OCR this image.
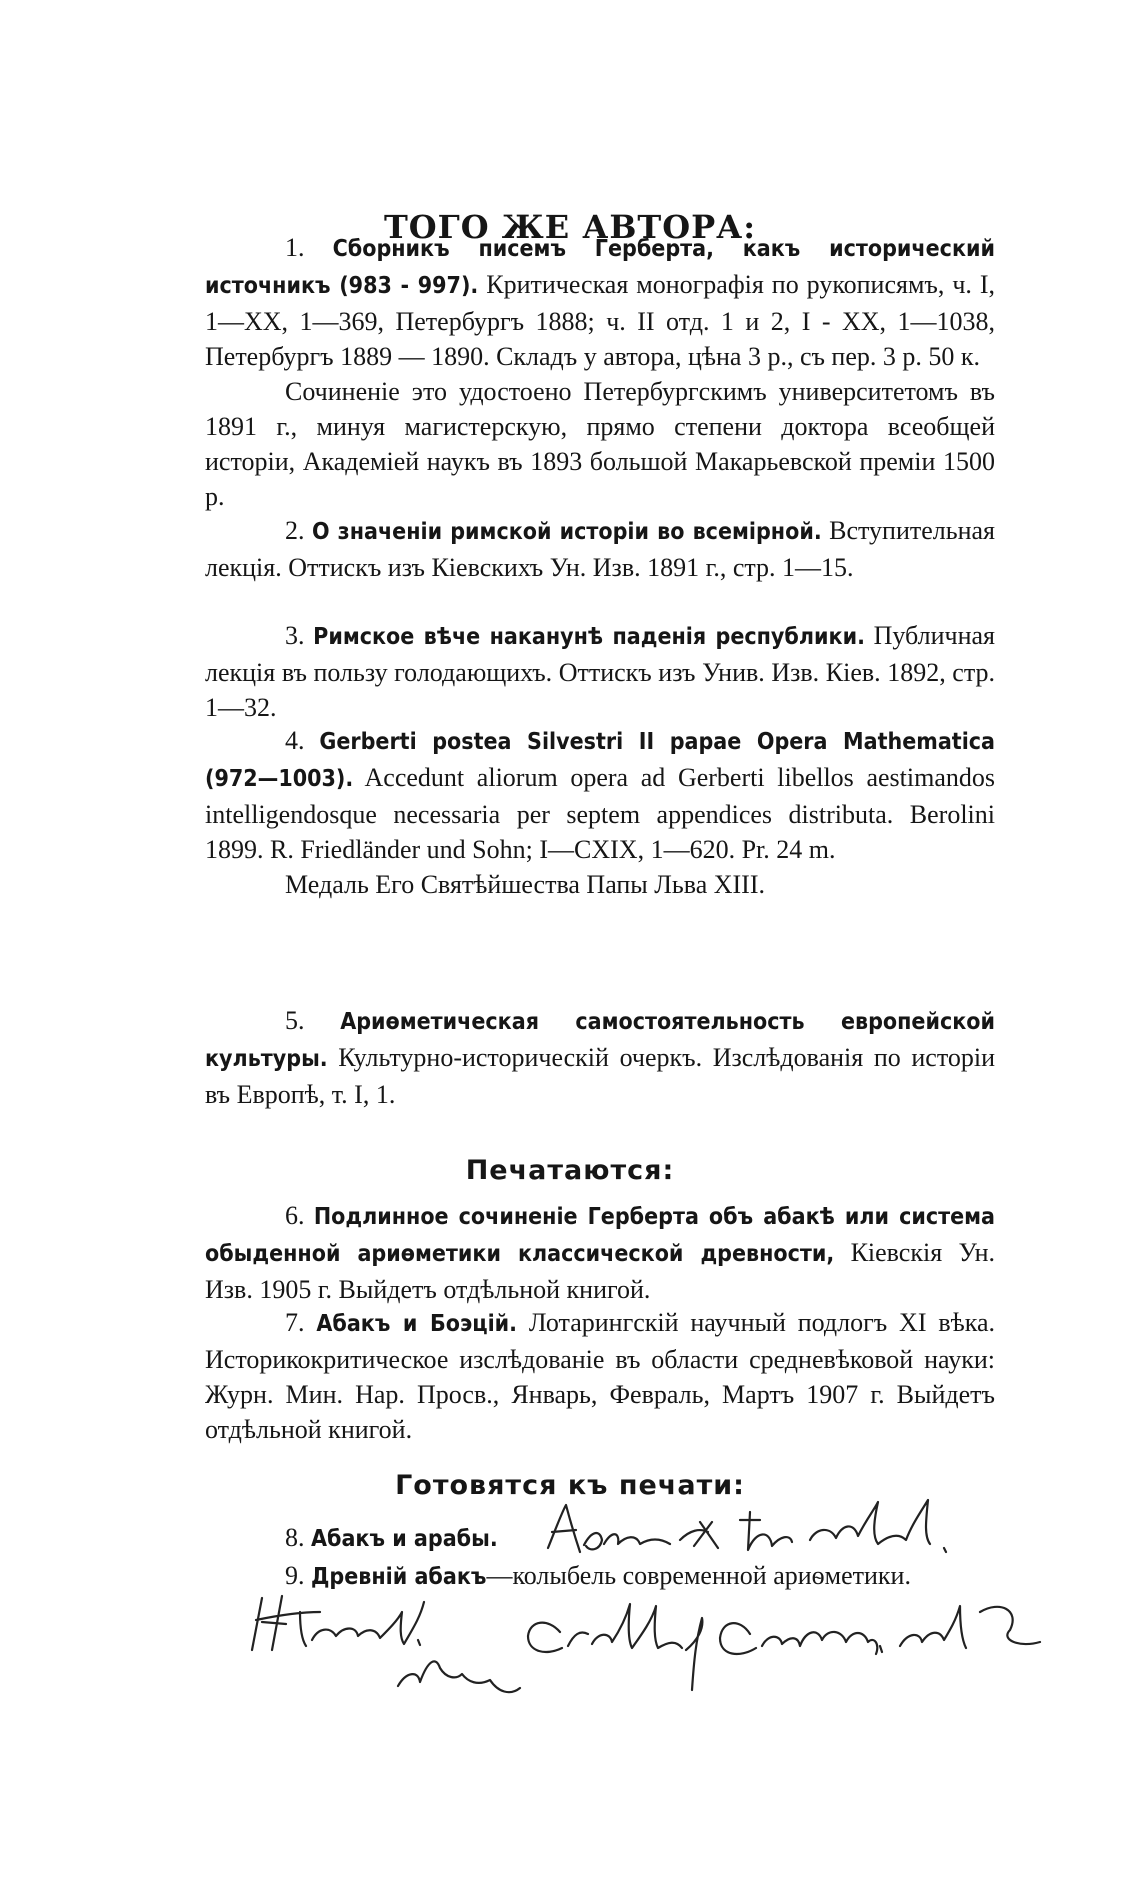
ТОГО ЖЕ АВТОРА:

1. Сборникъ писемъ Герберта, какъ исторический источникъ (983 - 997). Критическая монографія по рукописямъ, ч. I, 1—XX, 1—369, Петербургъ 1888; ч. II отд. 1 и 2, I - XX, 1—1038, Петербургъ 1889 — 1890. Складъ у автора, цѣна 3 р., съ пер. 3 р. 50 к.

Сочиненіе это удостоено Петербургскимъ университетомъ въ 1891 г., минуя магистерскую, прямо степени доктора всеобщей исторіи, Академіей наукъ въ 1893 большой Макарьевской преміи 1500 р.

2. О значеніи римской исторіи во всемірной. Вступительная лекція. Оттискъ изъ Кіевскихъ Ун. Изв. 1891 г., стр. 1—15.

3. Римское вѣче наканунѣ паденія республики. Публичная лекція въ пользу голодающихъ. Оттискъ изъ Унив. Изв. Кіев. 1892, стр. 1—32.

4. Gerberti postea Silvestri II papae Opera Mathematica (972—1003). Accedunt aliorum opera ad Gerberti libellos aestimandos intelligendosque necessaria per septem appendices distributa. Berolini 1899. R. Friedländer und Sohn; I—CXIX, 1—620. Pr. 24 m.

Медаль Его Святѣйшества Папы Льва XIII.

5. Ариѳметическая самостоятельность европейской культуры. Культурно-историческій очеркъ. Изслѣдованія по исторіи въ Европѣ, т. I, 1.

6. Подлинное сочиненіе Герберта объ абакѣ или система обыденной ариѳметики классической древности, Кіевскія Ун. Изв. 1905 г. Выйдетъ отдѣльной книгой.

7. Абакъ и Боэцій. Лотарингскій научный подлогъ XI вѣка. Историкокритическое изслѣдованіе въ области средневѣковой науки: Журн. Мин. Нар. Просв., Январь, Февраль, Мартъ 1907 г. Выйдетъ отдѣльной книгой.

8. Абакъ и арабы.

9. Древній абакъ—колыбель современной ариѳметики.

Печатаются:
Готовятся къ печати:
